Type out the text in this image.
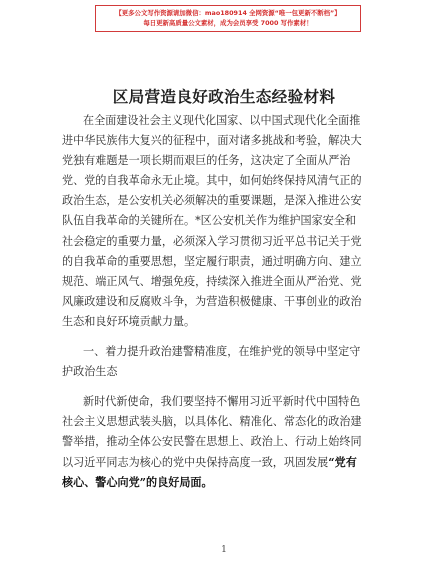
【更多公文写作资源请加微信：mao180914 全网资源“唯一包更新不断档”】
每日更新高质量公文素材，成为会员享受 7000 写作素材！
区局营造良好政治生态经验材料
在全面建设社会主义现代化国家、以中国式现代化全面推
进中华民族伟大复兴的征程中，面对诸多挑战和考验，解决大
党独有难题是一项长期而艰巨的任务，这决定了全面从严治
党、党的自我革命永无止境。其中，如何始终保持风清气正的
政治生态，是公安机关必须解决的重要课题，是深入推进公安
队伍自我革命的关键所在。*区公安机关作为维护国家安全和
社会稳定的重要力量，必须深入学习贯彻习近平总书记关于党
的自我革命的重要思想，坚定履行职责，通过明确方向、建立
规范、端正风气、增强免疫，持续深入推进全面从严治党、党
风廉政建设和反腐败斗争，为营造积极健康、干事创业的政治
生态和良好环境贡献力量。
一、着力提升政治建警精准度，在维护党的领导中坚定守
护政治生态
新时代新使命，我们要坚持不懈用习近平新时代中国特色
社会主义思想武装头脑，以具体化、精准化、常态化的政治建
警举措，推动全体公安民警在思想上、政治上、行动上始终同
以习近平同志为核心的党中央保持高度一致，巩固发展“党有
核心、警心向党”的良好局面。
1
